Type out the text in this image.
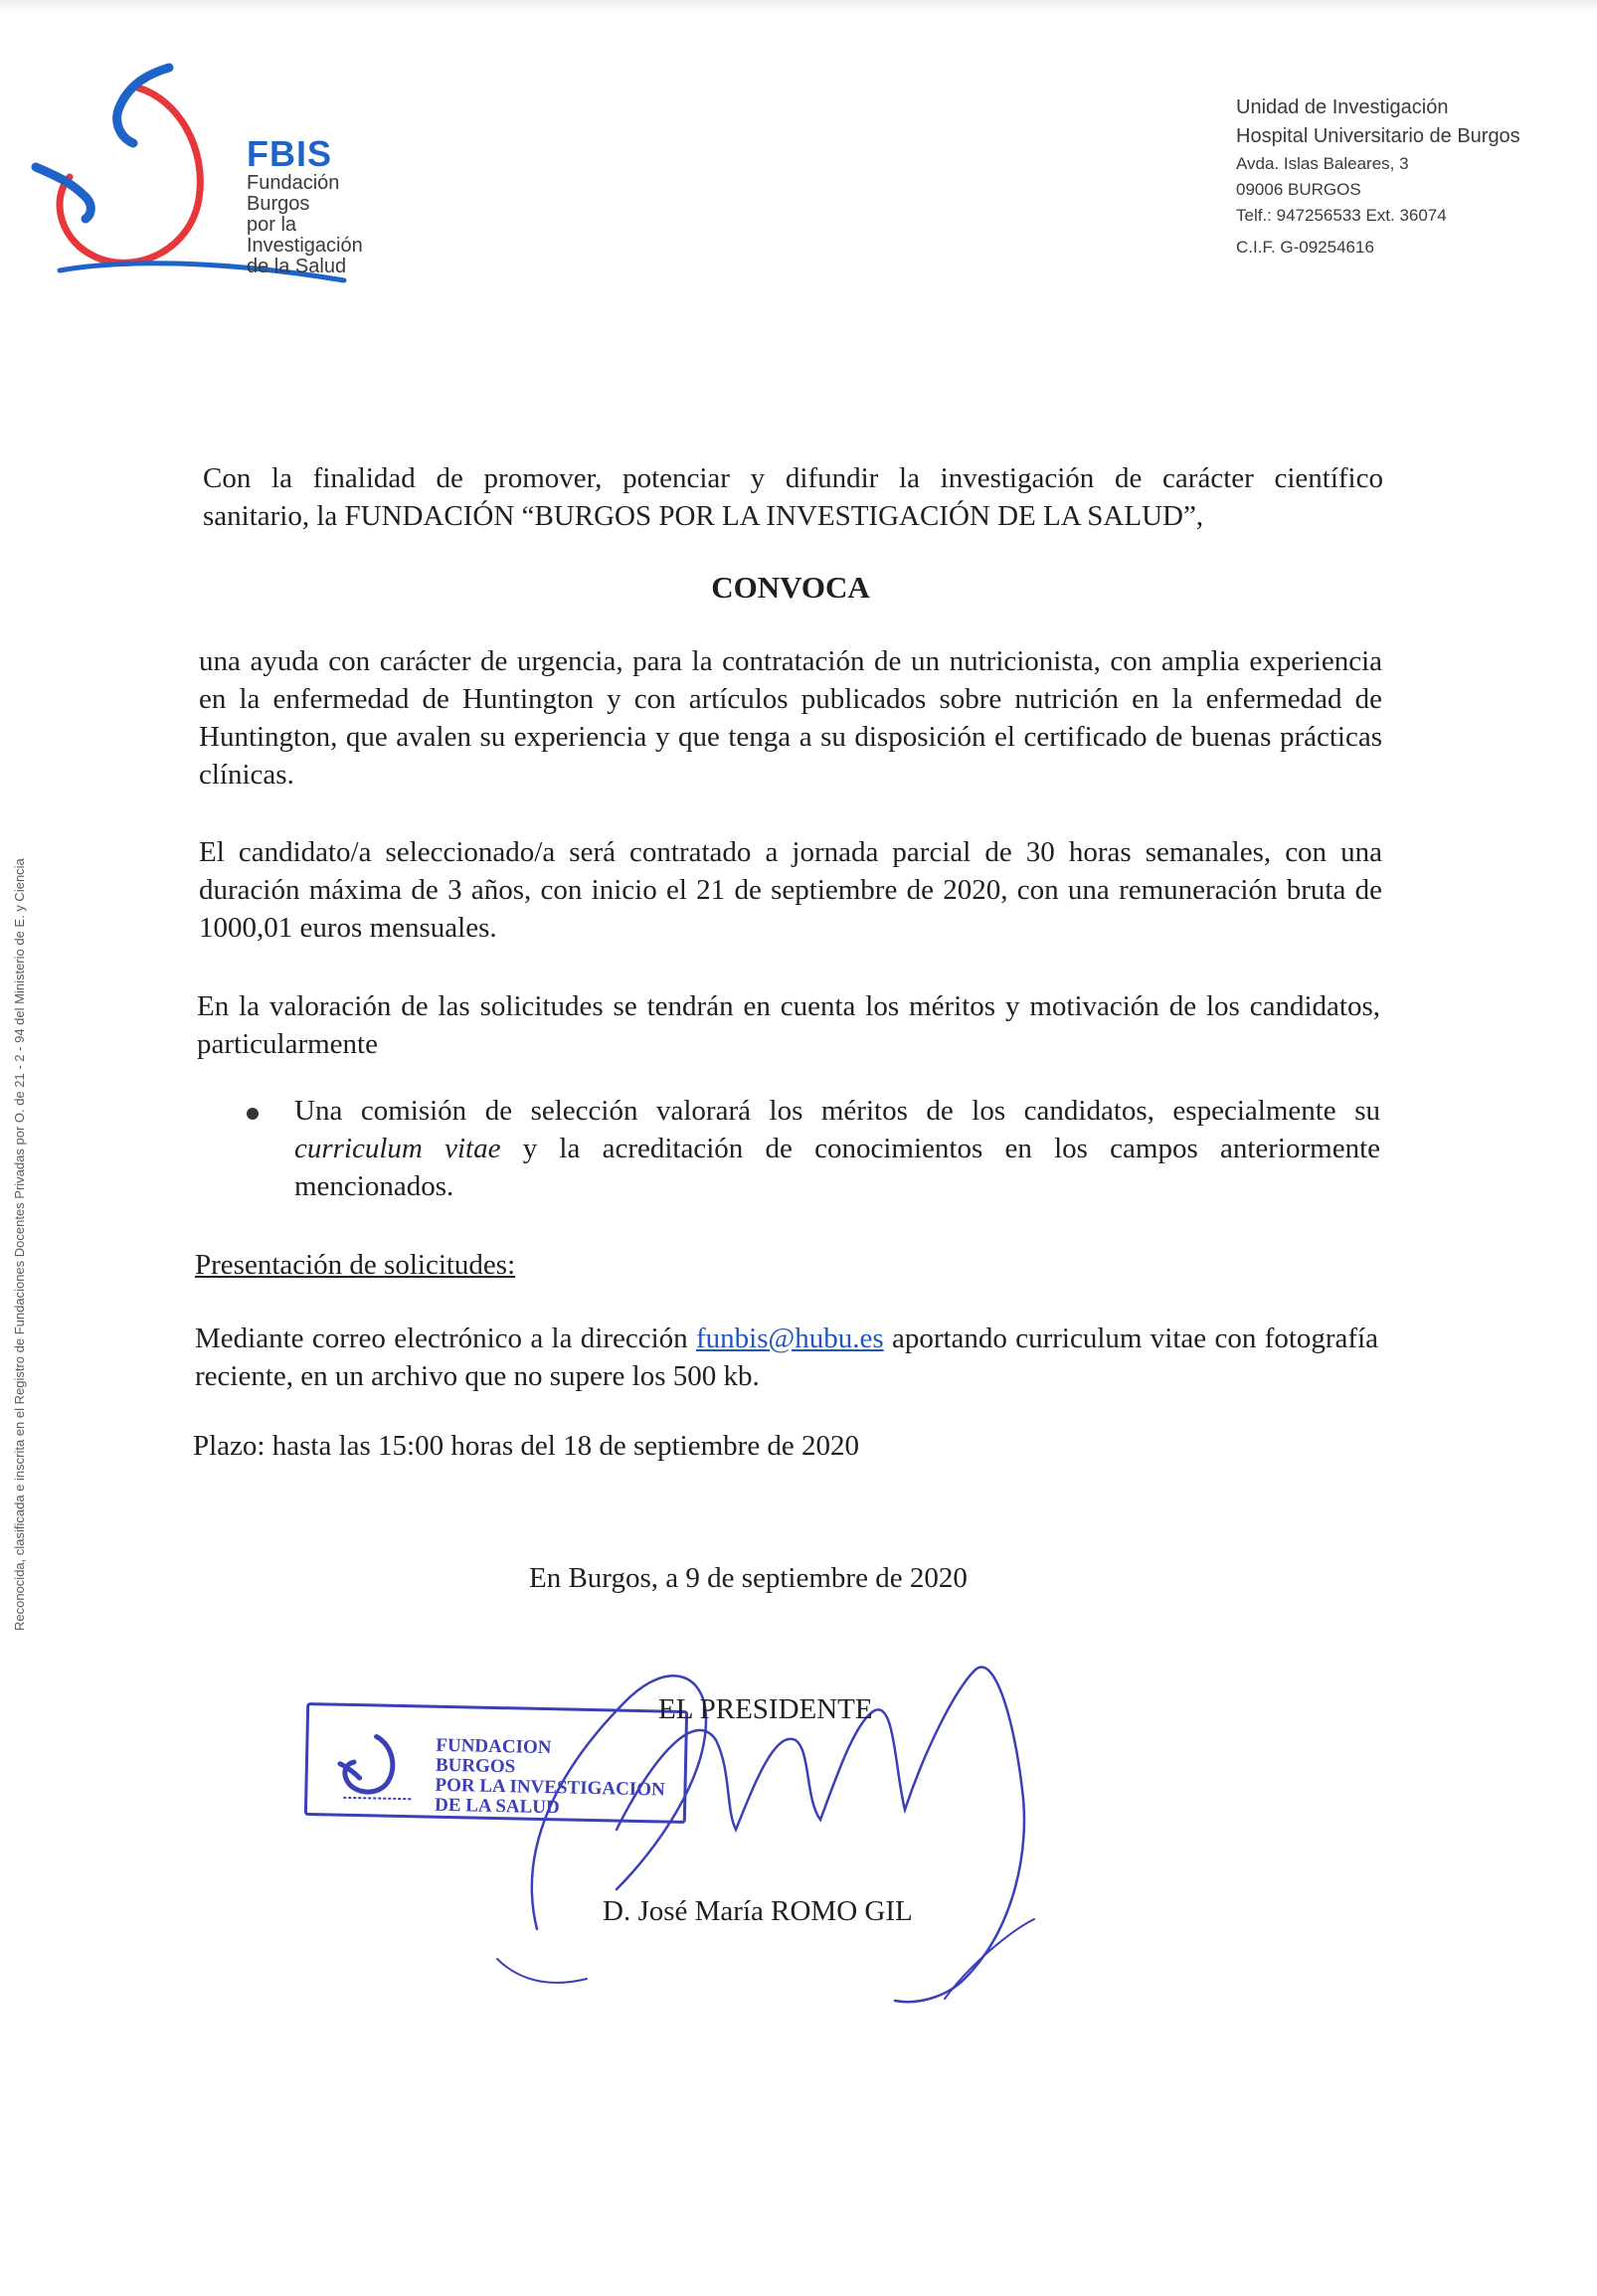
FBIS
Fundación Burgos
por la Investigación
de la Salud
Unidad de Investigación
Hospital Universitario de Burgos
Avda. Islas Baleares, 3
09006 BURGOS
Telf.: 947256533 Ext. 36074
C.I.F. G-09254616
Reconocida, clasificada e inscrita en el Registro de Fundaciones Docentes Privadas por O. de 21 - 2 - 94 del Ministerio de E. y Ciencia
Con la finalidad de promover, potenciar y difundir la investigación de carácter científico
sanitario, la FUNDACIÓN “BURGOS POR LA INVESTIGACIÓN DE LA SALUD”,
CONVOCA
una ayuda con carácter de urgencia, para la contratación de un nutricionista, con amplia experiencia en la enfermedad de Huntington y con artículos publicados sobre nutrición en la enfermedad de Huntington, que avalen su experiencia y que tenga a su disposición el certificado de buenas prácticas clínicas.
El candidato/a seleccionado/a será contratado a jornada parcial de 30 horas semanales, con una duración máxima de 3 años, con inicio el 21 de septiembre de 2020, con una remuneración bruta de 1000,01 euros mensuales.
En la valoración de las solicitudes se tendrán en cuenta los méritos y motivación de los candidatos, particularmente
Una comisión de selección valorará los méritos de los candidatos, especialmente su curriculum vitae y la acreditación de conocimientos en los campos anteriormente mencionados.
Presentación de solicitudes:
Mediante correo electrónico a la dirección funbis@hubu.es aportando curriculum vitae con fotografía reciente, en un archivo que no supere los 500 kb.
Plazo: hasta las 15:00 horas del 18 de septiembre de 2020
En Burgos, a 9 de septiembre de 2020
FUNDACION
BURGOS
POR LA INVESTIGACION
DE LA SALUD
EL PRESIDENTE
D. José María ROMO GIL
